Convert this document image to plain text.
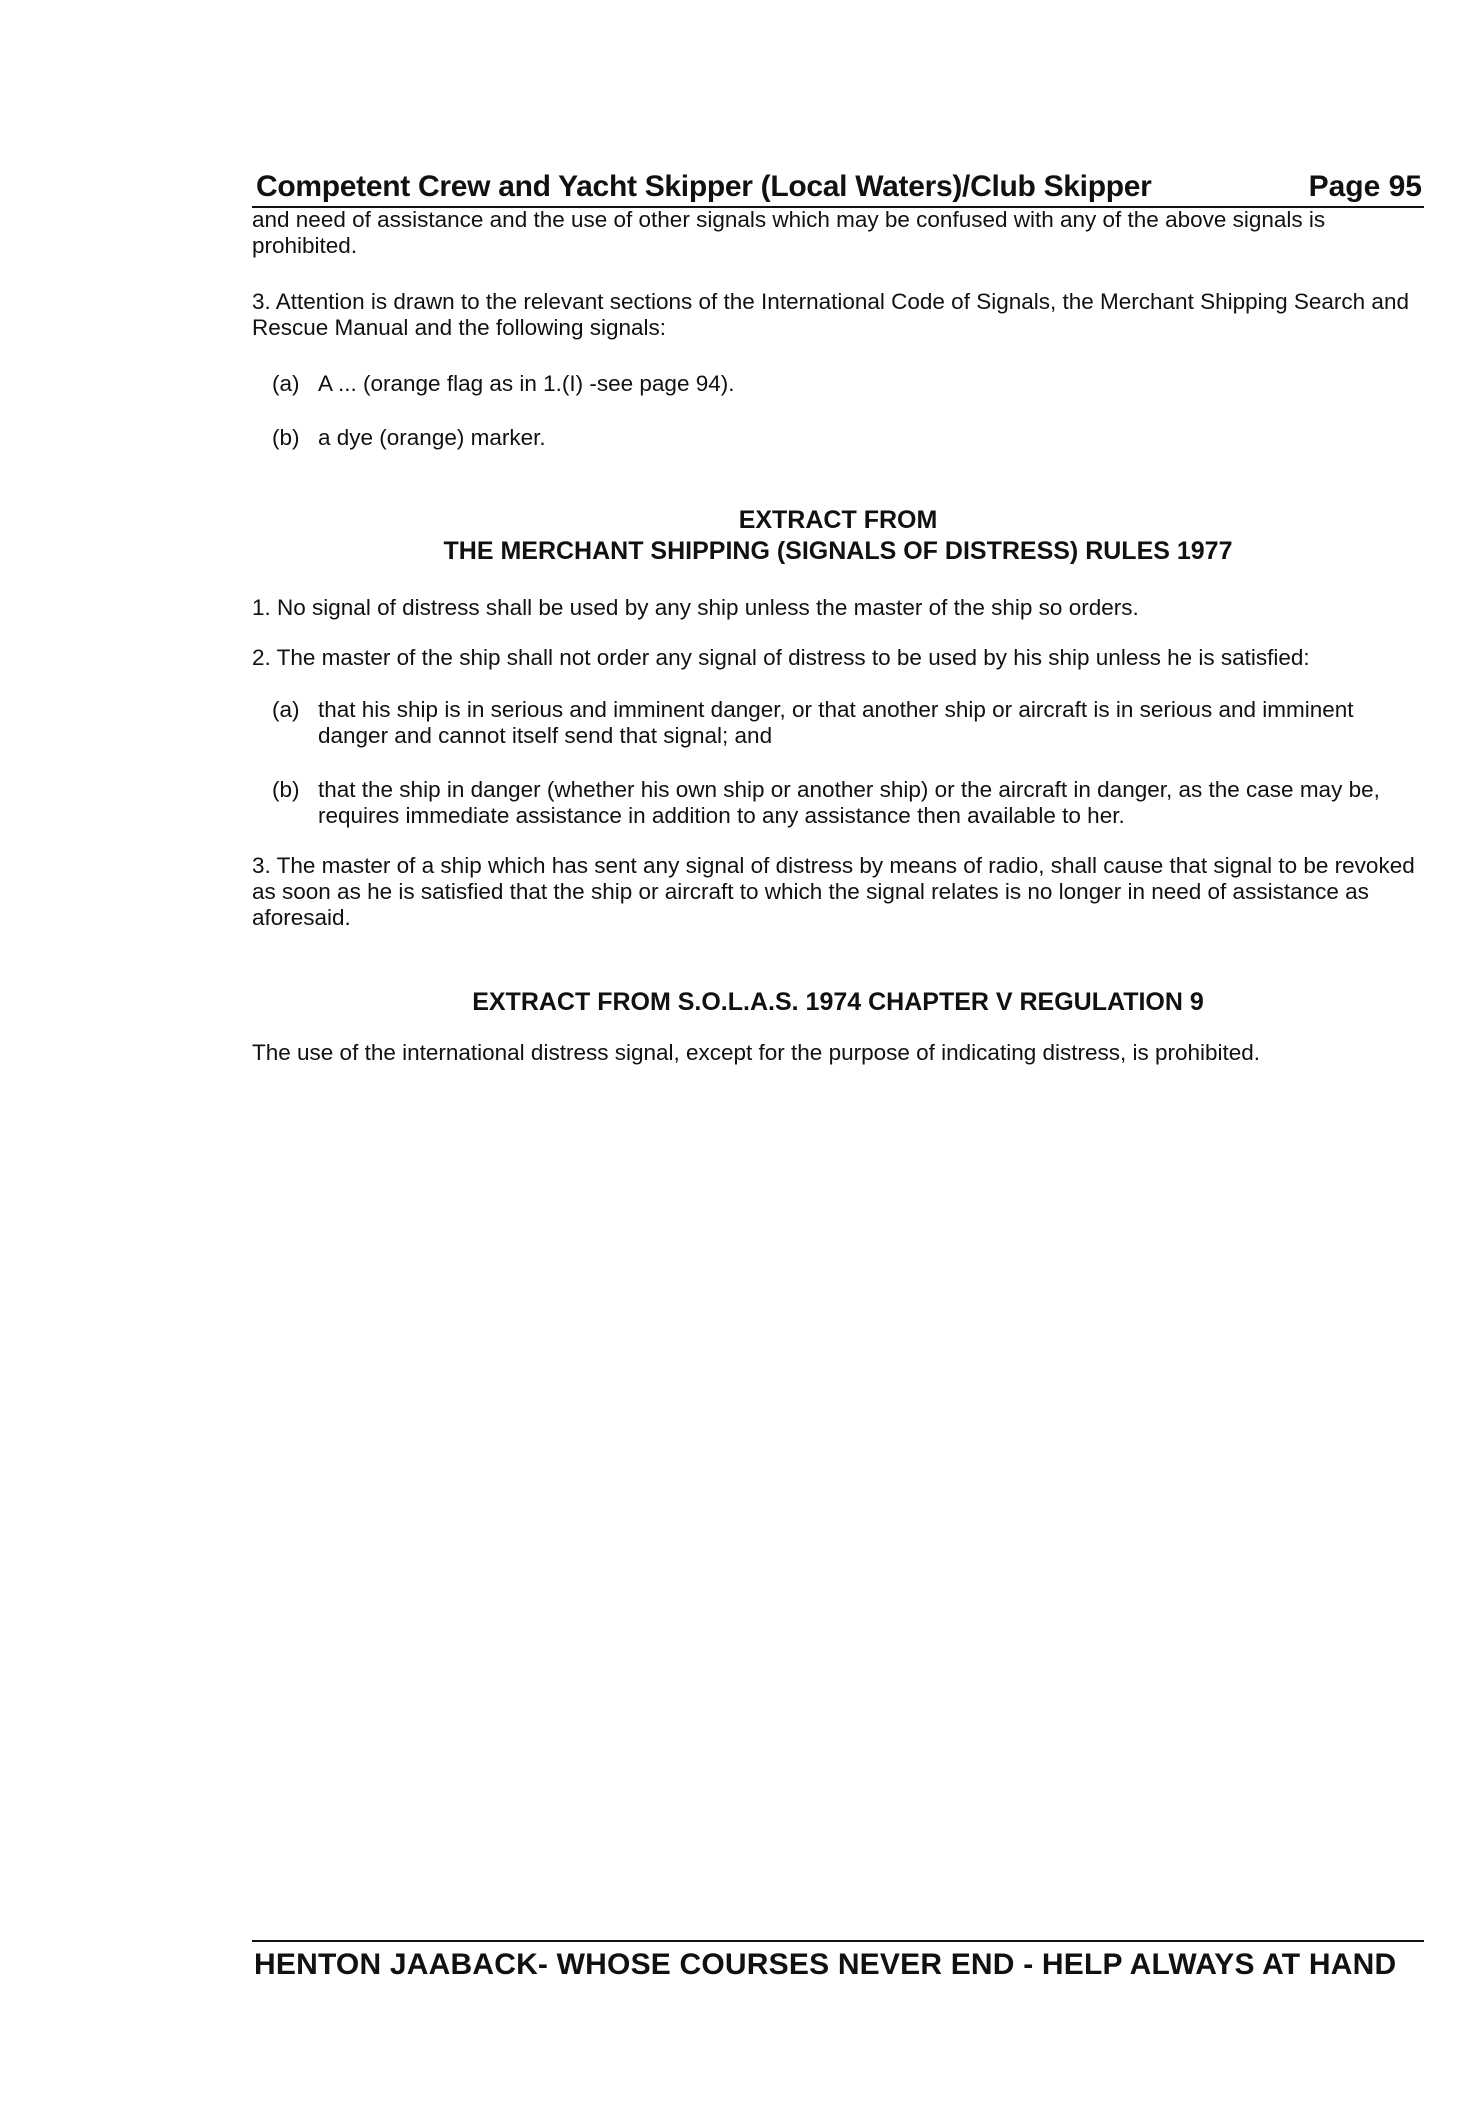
Competent Crew and Yacht Skipper (Local Waters)/Club Skipper	Page 95

and need of assistance and the use of other signals which may be confused with any of the above signals is prohibited.

3. Attention is drawn to the relevant sections of the International Code of Signals, the Merchant Shipping Search and Rescue Manual and the following signals:

(a) A ... (orange flag as in 1.(I) -see page 94).
(b) a dye (orange) marker.
EXTRACT FROM
THE MERCHANT SHIPPING (SIGNALS OF DISTRESS) RULES 1977

1. No signal of distress shall be used by any ship unless the master of the ship so orders.

2. The master of the ship shall not order any signal of distress to be used by his ship unless he is satisfied:

(a) that his ship is in serious and imminent danger, or that another ship or aircraft is in serious and imminent danger and cannot itself send that signal; and
(b) that the ship in danger (whether his own ship or another ship) or the aircraft in danger, as the case may be, requires immediate assistance in addition to any assistance then available to her.

3. The master of a ship which has sent any signal of distress by means of radio, shall cause that signal to be revoked as soon as he is satisfied that the ship or aircraft to which the signal relates is no longer in need of assistance as aforesaid.

EXTRACT FROM S.O.L.A.S. 1974 CHAPTER V REGULATION 9

The use of the international distress signal, except for the purpose of indicating distress, is prohibited.

HENTON JAABACK- WHOSE COURSES NEVER END - HELP ALWAYS AT HAND
